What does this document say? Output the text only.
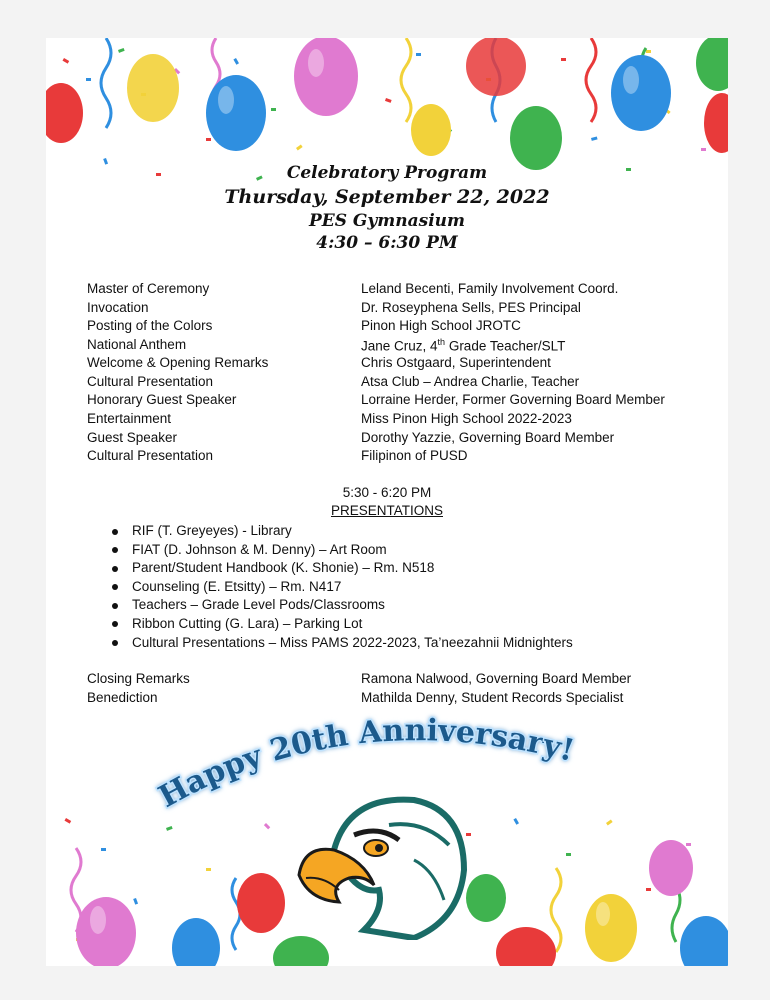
Celebratory Program
Thursday, September 22, 2022
PES Gymnasium
4:30 – 6:30 PM
Master of Ceremony	Leland Becenti, Family Involvement Coord.
Invocation	Dr. Roseyphena Sells, PES Principal
Posting of the Colors	Pinon High School JROTC
National Anthem	Jane Cruz, 4th Grade Teacher/SLT
Welcome & Opening Remarks	Chris Ostgaard, Superintendent
Cultural Presentation	Atsa Club – Andrea Charlie, Teacher
Honorary Guest Speaker	Lorraine Herder, Former Governing Board Member
Entertainment	Miss Pinon High School 2022-2023
Guest Speaker	Dorothy Yazzie, Governing Board Member
Cultural Presentation	Filipinon of PUSD
5:30 - 6:20 PM
PRESENTATIONS
RIF (T. Greyeyes) - Library
FIAT (D. Johnson & M. Denny) – Art Room
Parent/Student Handbook (K. Shonie) – Rm. N518
Counseling (E. Etsitty) – Rm. N417
Teachers – Grade Level Pods/Classrooms
Ribbon Cutting (G. Lara) – Parking Lot
Cultural Presentations – Miss PAMS 2022-2023, Ta’neezahnii Midnighters
Closing Remarks	Ramona Nalwood, Governing Board Member
Benediction	Mathilda Denny, Student Records Specialist
Happy 20th Anniversary!
